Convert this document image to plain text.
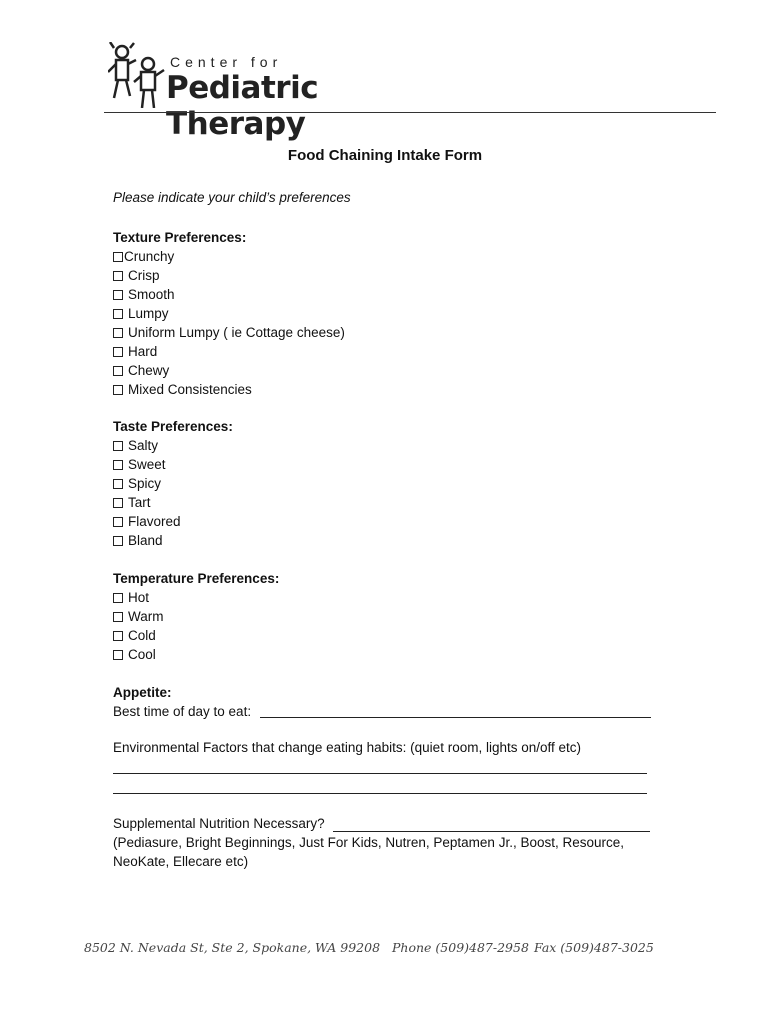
Center for
Pediatric Therapy
Food Chaining Intake Form
Please indicate your child’s preferences
Texture Preferences:
Crunchy
Crisp
Smooth
Lumpy
Uniform Lumpy ( ie Cottage cheese)
Hard
Chewy
Mixed Consistencies
Taste Preferences:
Salty
Sweet
Spicy
Tart
Flavored
Bland
Temperature Preferences:
Hot
Warm
Cold
Cool
Appetite:
Best time of day to eat:
Environmental Factors that change eating habits: (quiet room, lights on/off etc)
Supplemental Nutrition Necessary?
(Pediasure, Bright Beginnings, Just For Kids, Nutren, Peptamen Jr., Boost, Resource,
NeoKate, Ellecare etc)
8502 N. Nevada St, Ste 2, Spokane, WA 99208 Phone (509)487-2958 Fax (509)487-3025
